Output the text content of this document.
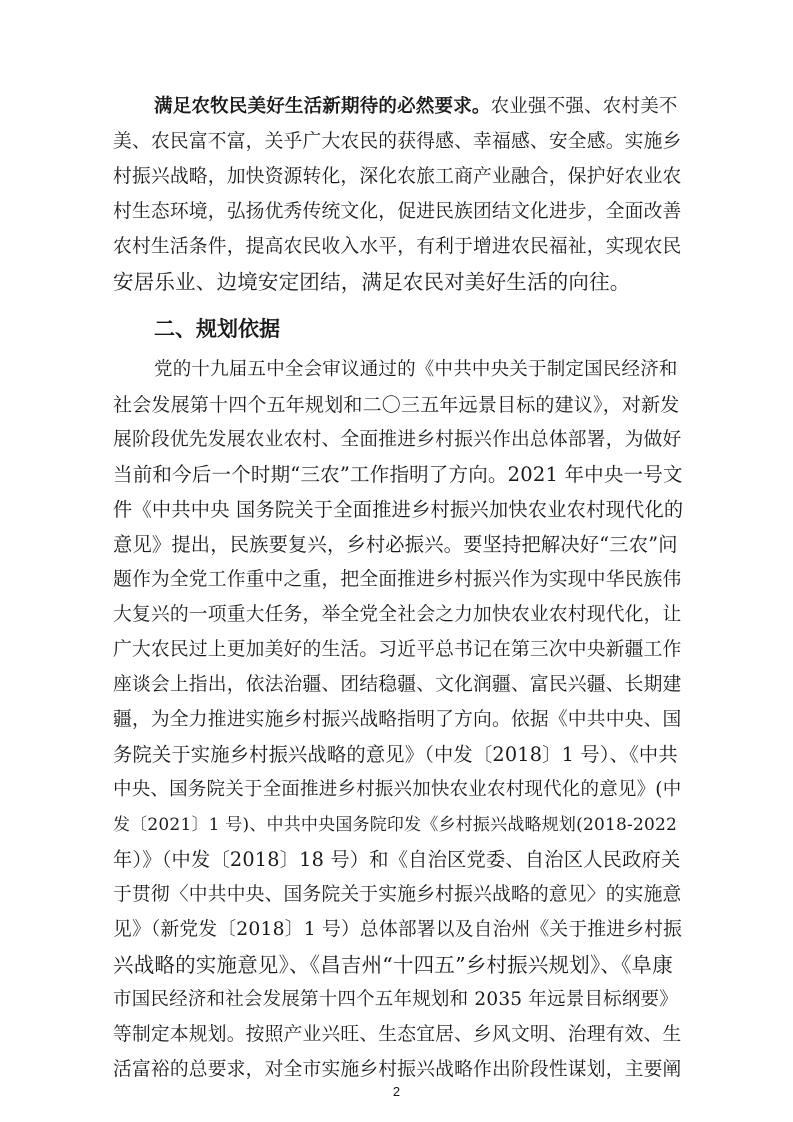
满足农牧民美好生活新期待的必然要求。农业强不强、农村美不
美、农民富不富，关乎广大农民的获得感、幸福感、安全感。实施乡
村振兴战略，加快资源转化，深化农旅工商产业融合，保护好农业农
村生态环境，弘扬优秀传统文化，促进民族团结文化进步，全面改善
农村生活条件，提高农民收入水平，有利于增进农民福祉，实现农民
安居乐业、边境安定团结，满足农民对美好生活的向往。
二、规划依据
党的十九届五中全会审议通过的《中共中央关于制定国民经济和
社会发展第十四个五年规划和二〇三五年远景目标的建议》，对新发
展阶段优先发展农业农村、全面推进乡村振兴作出总体部署，为做好
当前和今后一个时期“三农”工作指明了方向。2021 年中央一号文
件《中共中央 国务院关于全面推进乡村振兴加快农业农村现代化的
意见》提出，民族要复兴，乡村必振兴。要坚持把解决好“三农”问
题作为全党工作重中之重，把全面推进乡村振兴作为实现中华民族伟
大复兴的一项重大任务，举全党全社会之力加快农业农村现代化，让
广大农民过上更加美好的生活。习近平总书记在第三次中央新疆工作
座谈会上指出，依法治疆、团结稳疆、文化润疆、富民兴疆、长期建
疆，为全力推进实施乡村振兴战略指明了方向。依据《中共中央、国
务院关于实施乡村振兴战略的意见》（中发〔2018〕1 号）、《中共
中央、国务院关于全面推进乡村振兴加快农业农村现代化的意见》(中
发〔2021〕1 号)、中共中央国务院印发《乡村振兴战略规划(2018-2022
年）》（中发〔2018〕18 号）和《自治区党委、自治区人民政府关
于贯彻〈中共中央、国务院关于实施乡村振兴战略的意见〉的实施意
见》（新党发〔2018〕1 号）总体部署以及自治州《关于推进乡村振
兴战略的实施意见》、《昌吉州“十四五”乡村振兴规划》、《阜康
市国民经济和社会发展第十四个五年规划和 2035 年远景目标纲要》
等制定本规划。按照产业兴旺、生态宜居、乡风文明、治理有效、生
活富裕的总要求，对全市实施乡村振兴战略作出阶段性谋划，主要阐
2
